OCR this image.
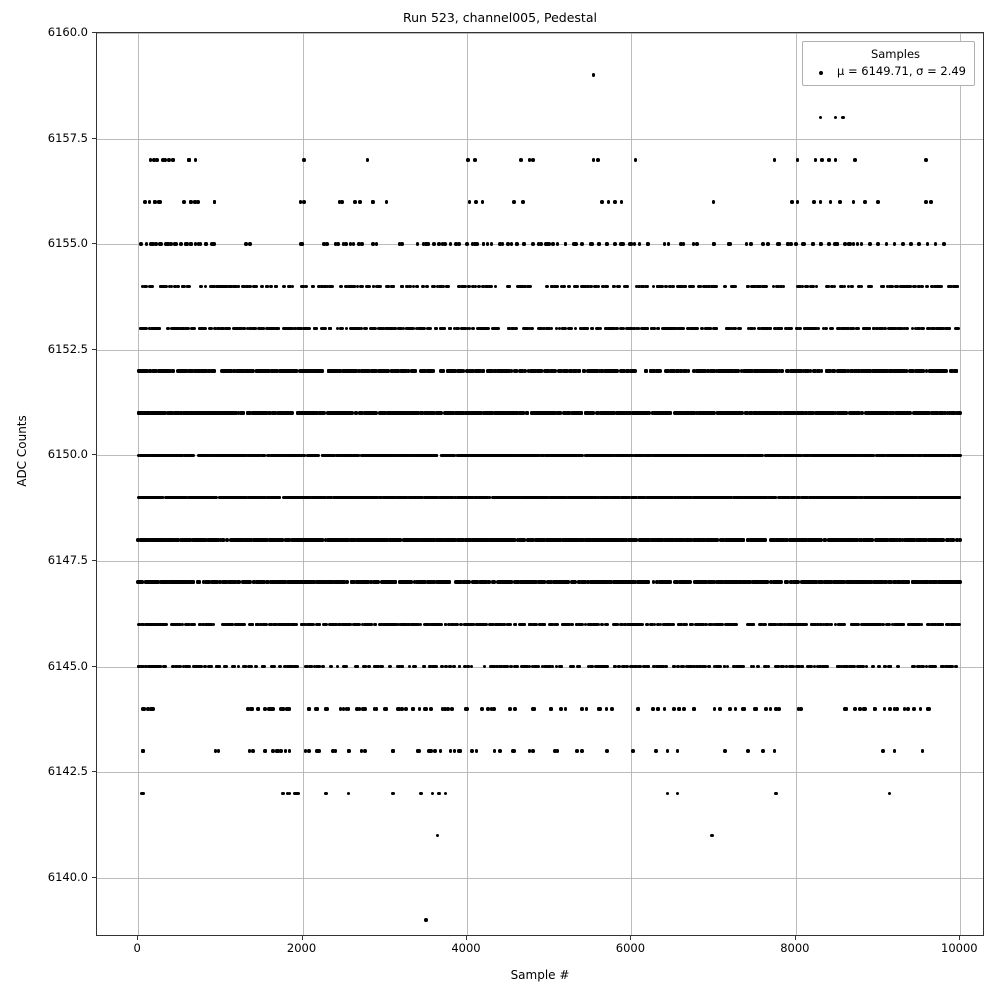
Run 523, channel005, Pedestal
ADC Counts
Sample #
6140.0
6142.5
6145.0
6147.5
6150.0
6152.5
6155.0
6157.5
6160.0
0	2000	4000	6000	8000	10000
Samples
μ = 6149.71, σ = 2.49
